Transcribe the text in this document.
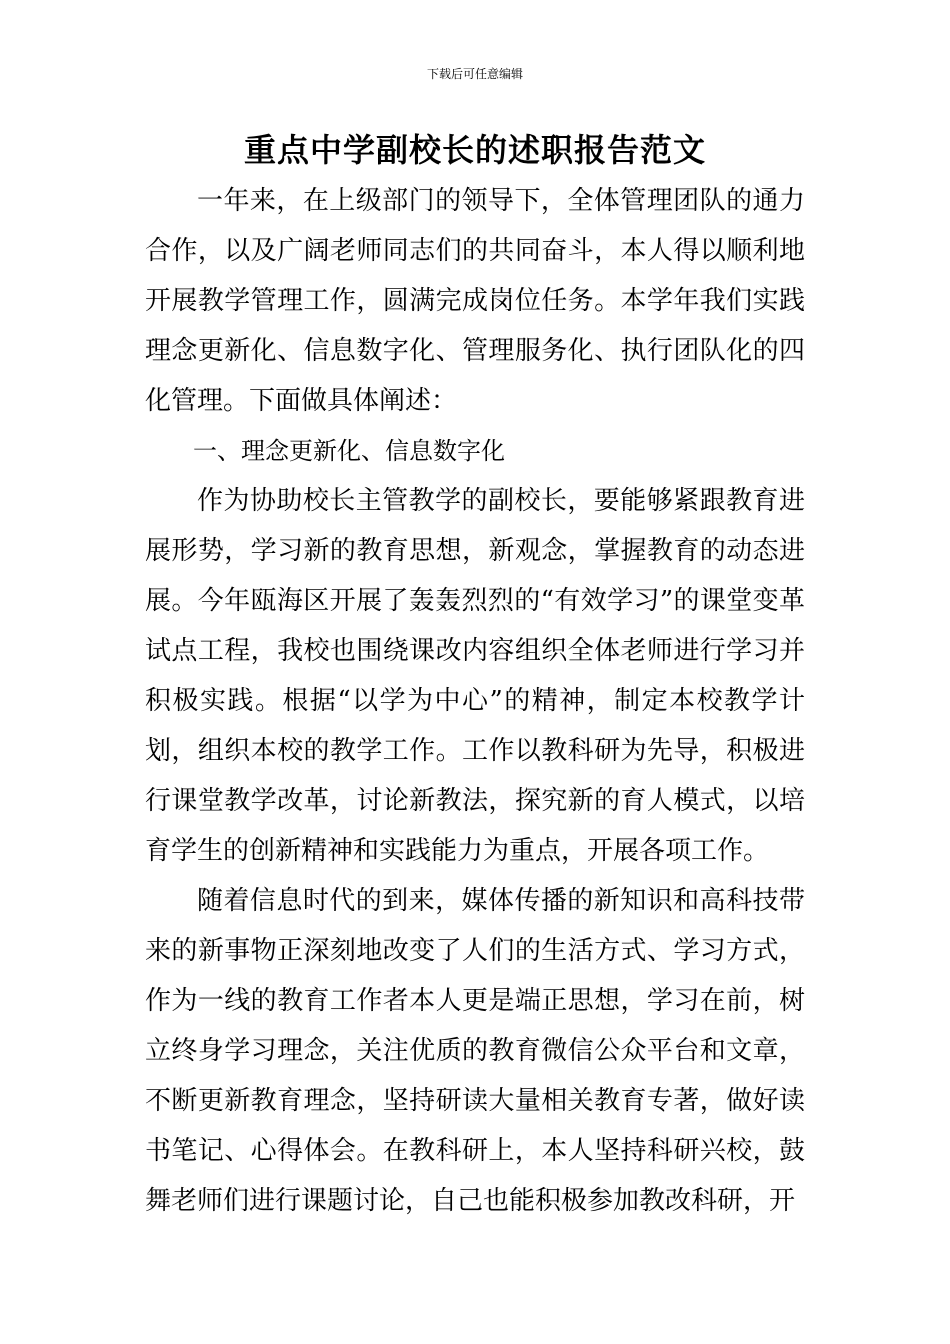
下载后可任意编辑
重点中学副校长的述职报告范文

一年来，在上级部门的领导下，全体管理团队的通力合作，以及广阔老师同志们的共同奋斗，本人得以顺利地开展教学管理工作，圆满完成岗位任务。本学年我们实践理念更新化、信息数字化、管理服务化、执行团队化的四化管理。下面做具体阐述：

一、理念更新化、信息数字化

作为协助校长主管教学的副校长，要能够紧跟教育进展形势，学习新的教育思想，新观念，掌握教育的动态进展。今年瓯海区开展了轰轰烈烈的“有效学习”的课堂变革试点工程，我校也围绕课改内容组织全体老师进行学习并积极实践。根据“以学为中心”的精神，制定本校教学计划，组织本校的教学工作。工作以教科研为先导，积极进行课堂教学改革，讨论新教法，探究新的育人模式，以培育学生的创新精神和实践能力为重点，开展各项工作。

随着信息时代的到来，媒体传播的新知识和高科技带来的新事物正深刻地改变了人们的生活方式、学习方式，作为一线的教育工作者本人更是端正思想，学习在前，树立终身学习理念，关注优质的教育微信公众平台和文章，不断更新教育理念，坚持研读大量相关教育专著，做好读书笔记、心得体会。在教科研上，本人坚持科研兴校，鼓舞老师们进行课题讨论，自己也能积极参加教改科研，开
